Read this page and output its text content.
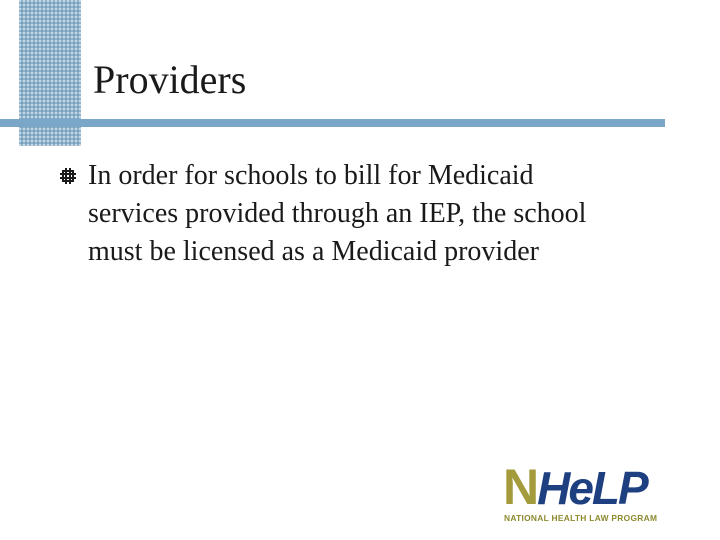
Providers

In order for schools to bill for Medicaid services provided through an IEP, the school must be licensed as a Medicaid provider

NHeLP
NATIONAL HEALTH LAW PROGRAM
